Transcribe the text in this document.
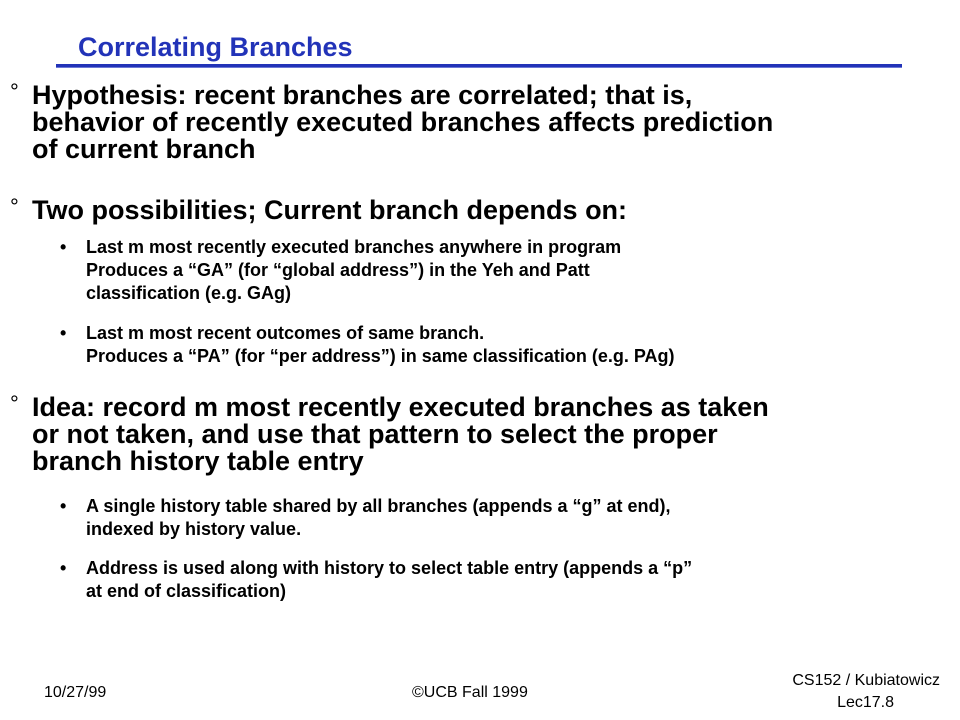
Correlating Branches
° Hypothesis: recent branches are correlated; that is,
behavior of recently executed branches affects prediction
of current branch
° Two possibilities; Current branch depends on:
• Last m most recently executed branches anywhere in program
Produces a “GA” (for “global address”) in the Yeh and Patt
classification (e.g. GAg)
• Last m most recent outcomes of same branch.
Produces a “PA” (for “per address”) in same classification (e.g. PAg)
° Idea: record m most recently executed branches as taken
or not taken, and use that pattern to select the proper
branch history table entry
• A single history table shared by all branches (appends a “g” at end),
indexed by history value.
• Address is used along with history to select table entry (appends a “p”
at end of classification)
10/27/99	©UCB Fall 1999
CS152 / Kubiatowicz
Lec17.8
